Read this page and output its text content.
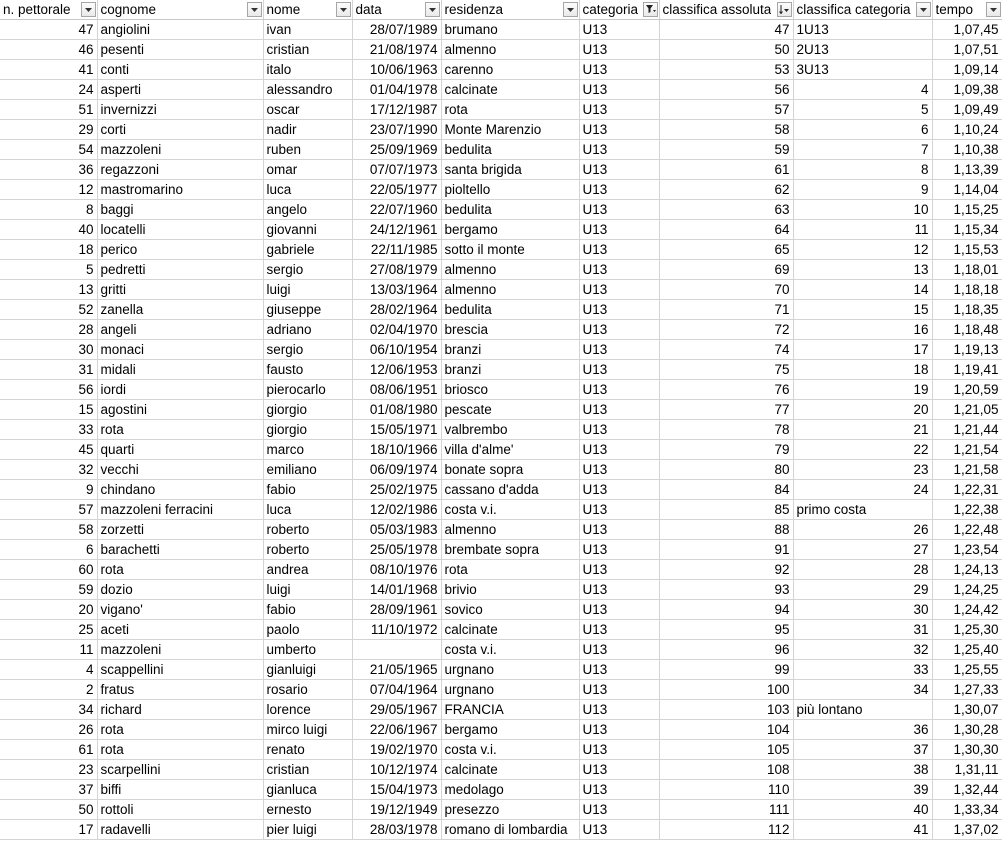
n. pettorale	cognome	nome	data	residenza	categoria	classifica assoluta	classifica categoria	tempo

47	angiolini	ivan	28/07/1989	brumano	U13	47	1U13	1,07,45
46	pesenti	cristian	21/08/1974	almenno	U13	50	2U13	1,07,51
41	conti	italo	10/06/1963	carenno	U13	53	3U13	1,09,14
24	asperti	alessandro	01/04/1978	calcinate	U13	56	4	1,09,38
51	invernizzi	oscar	17/12/1987	rota	U13	57	5	1,09,49
29	corti	nadir	23/07/1990	Monte Marenzio	U13	58	6	1,10,24
54	mazzoleni	ruben	25/09/1969	bedulita	U13	59	7	1,10,38
36	regazzoni	omar	07/07/1973	santa brigida	U13	61	8	1,13,39
12	mastromarino	luca	22/05/1977	pioltello	U13	62	9	1,14,04
8	baggi	angelo	22/07/1960	bedulita	U13	63	10	1,15,25
40	locatelli	giovanni	24/12/1961	bergamo	U13	64	11	1,15,34
18	perico	gabriele	22/11/1985	sotto il monte	U13	65	12	1,15,53
5	pedretti	sergio	27/08/1979	almenno	U13	69	13	1,18,01
13	gritti	luigi	13/03/1964	almenno	U13	70	14	1,18,18
52	zanella	giuseppe	28/02/1964	bedulita	U13	71	15	1,18,35
28	angeli	adriano	02/04/1970	brescia	U13	72	16	1,18,48
30	monaci	sergio	06/10/1954	branzi	U13	74	17	1,19,13
31	midali	fausto	12/06/1953	branzi	U13	75	18	1,19,41
56	iordi	pierocarlo	08/06/1951	briosco	U13	76	19	1,20,59
15	agostini	giorgio	01/08/1980	pescate	U13	77	20	1,21,05
33	rota	giorgio	15/05/1971	valbrembo	U13	78	21	1,21,44
45	quarti	marco	18/10/1966	villa d'alme'	U13	79	22	1,21,54
32	vecchi	emiliano	06/09/1974	bonate sopra	U13	80	23	1,21,58
9	chindano	fabio	25/02/1975	cassano d'adda	U13	84	24	1,22,31
57	mazzoleni ferracini	luca	12/02/1986	costa v.i.	U13	85	primo costa	1,22,38
58	zorzetti	roberto	05/03/1983	almenno	U13	88	26	1,22,48
6	barachetti	roberto	25/05/1978	brembate sopra	U13	91	27	1,23,54
60	rota	andrea	08/10/1976	rota	U13	92	28	1,24,13
59	dozio	luigi	14/01/1968	brivio	U13	93	29	1,24,25
20	vigano'	fabio	28/09/1961	sovico	U13	94	30	1,24,42
25	aceti	paolo	11/10/1972	calcinate	U13	95	31	1,25,30
11	mazzoleni	umberto		costa v.i.	U13	96	32	1,25,40
4	scappellini	gianluigi	21/05/1965	urgnano	U13	99	33	1,25,55
2	fratus	rosario	07/04/1964	urgnano	U13	100	34	1,27,33
34	richard	lorence	29/05/1967	FRANCIA	U13	103	più lontano	1,30,07
26	rota	mirco luigi	22/06/1967	bergamo	U13	104	36	1,30,28
61	rota	renato	19/02/1970	costa v.i.	U13	105	37	1,30,30
23	scarpellini	cristian	10/12/1974	calcinate	U13	108	38	1,31,11
37	biffi	gianluca	15/04/1973	medolago	U13	110	39	1,32,44
50	rottoli	ernesto	19/12/1949	presezzo	U13	111	40	1,33,34
17	radavelli	pier luigi	28/03/1978	romano di lombardia	U13	112	41	1,37,02
